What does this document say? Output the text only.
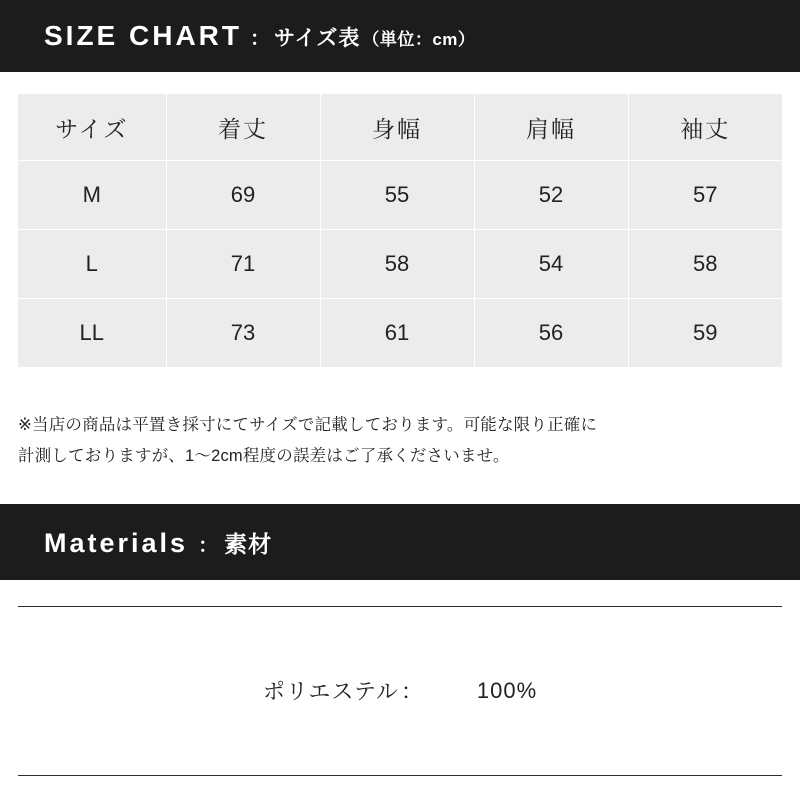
SIZE CHART ： サイズ表 （単位：cm）
サイズ	着丈	身幅	肩幅	袖丈
M	69	55	52	57
L	71	58	54	58
LL	73	61	56	59
※当店の商品は平置き採寸にてサイズで記載しております。可能な限り正確に
計測しておりますが、1〜2cm程度の誤差はご了承くださいませ。
Materials ： 素材
ポリエステル ： 100%
